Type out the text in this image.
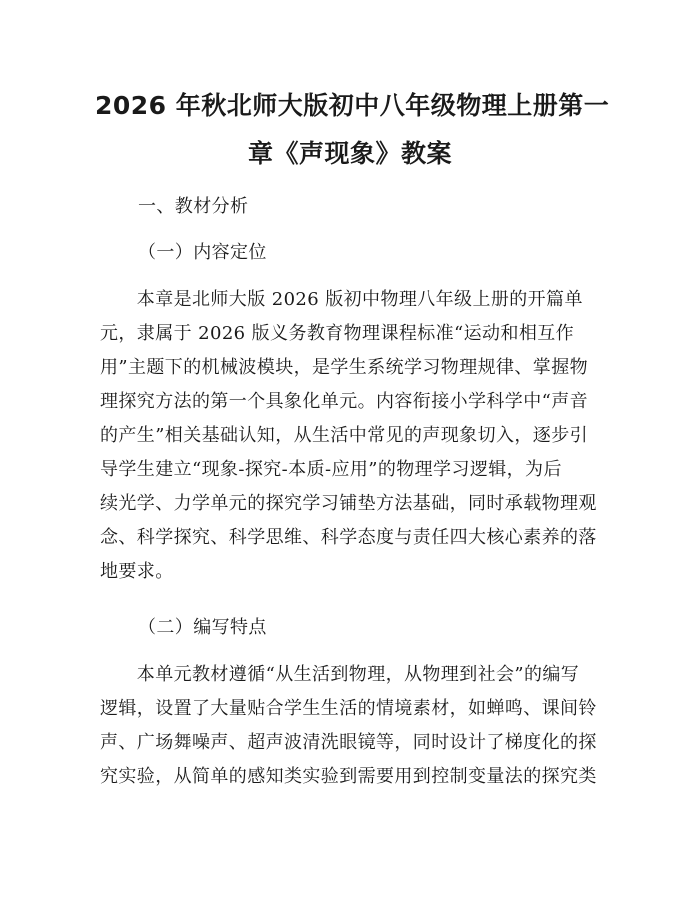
2026 年秋北师大版初中八年级物理上册第一
章《声现象》教案
一、教材分析
（一）内容定位
　　本章是北师大版 2026 版初中物理八年级上册的开篇单
元，隶属于 2026 版义务教育物理课程标准“运动和相互作
用”主题下的机械波模块，是学生系统学习物理规律、掌握物
理探究方法的第一个具象化单元。内容衔接小学科学中“声音
的产生”相关基础认知，从生活中常见的声现象切入，逐步引
导学生建立“现象-探究-本质-应用”的物理学习逻辑，为后
续光学、力学单元的探究学习铺垫方法基础，同时承载物理观
念、科学探究、科学思维、科学态度与责任四大核心素养的落
地要求。
（二）编写特点
　　本单元教材遵循“从生活到物理，从物理到社会”的编写
逻辑，设置了大量贴合学生生活的情境素材，如蝉鸣、课间铃
声、广场舞噪声、超声波清洗眼镜等，同时设计了梯度化的探
究实验，从简单的感知类实验到需要用到控制变量法的探究类
